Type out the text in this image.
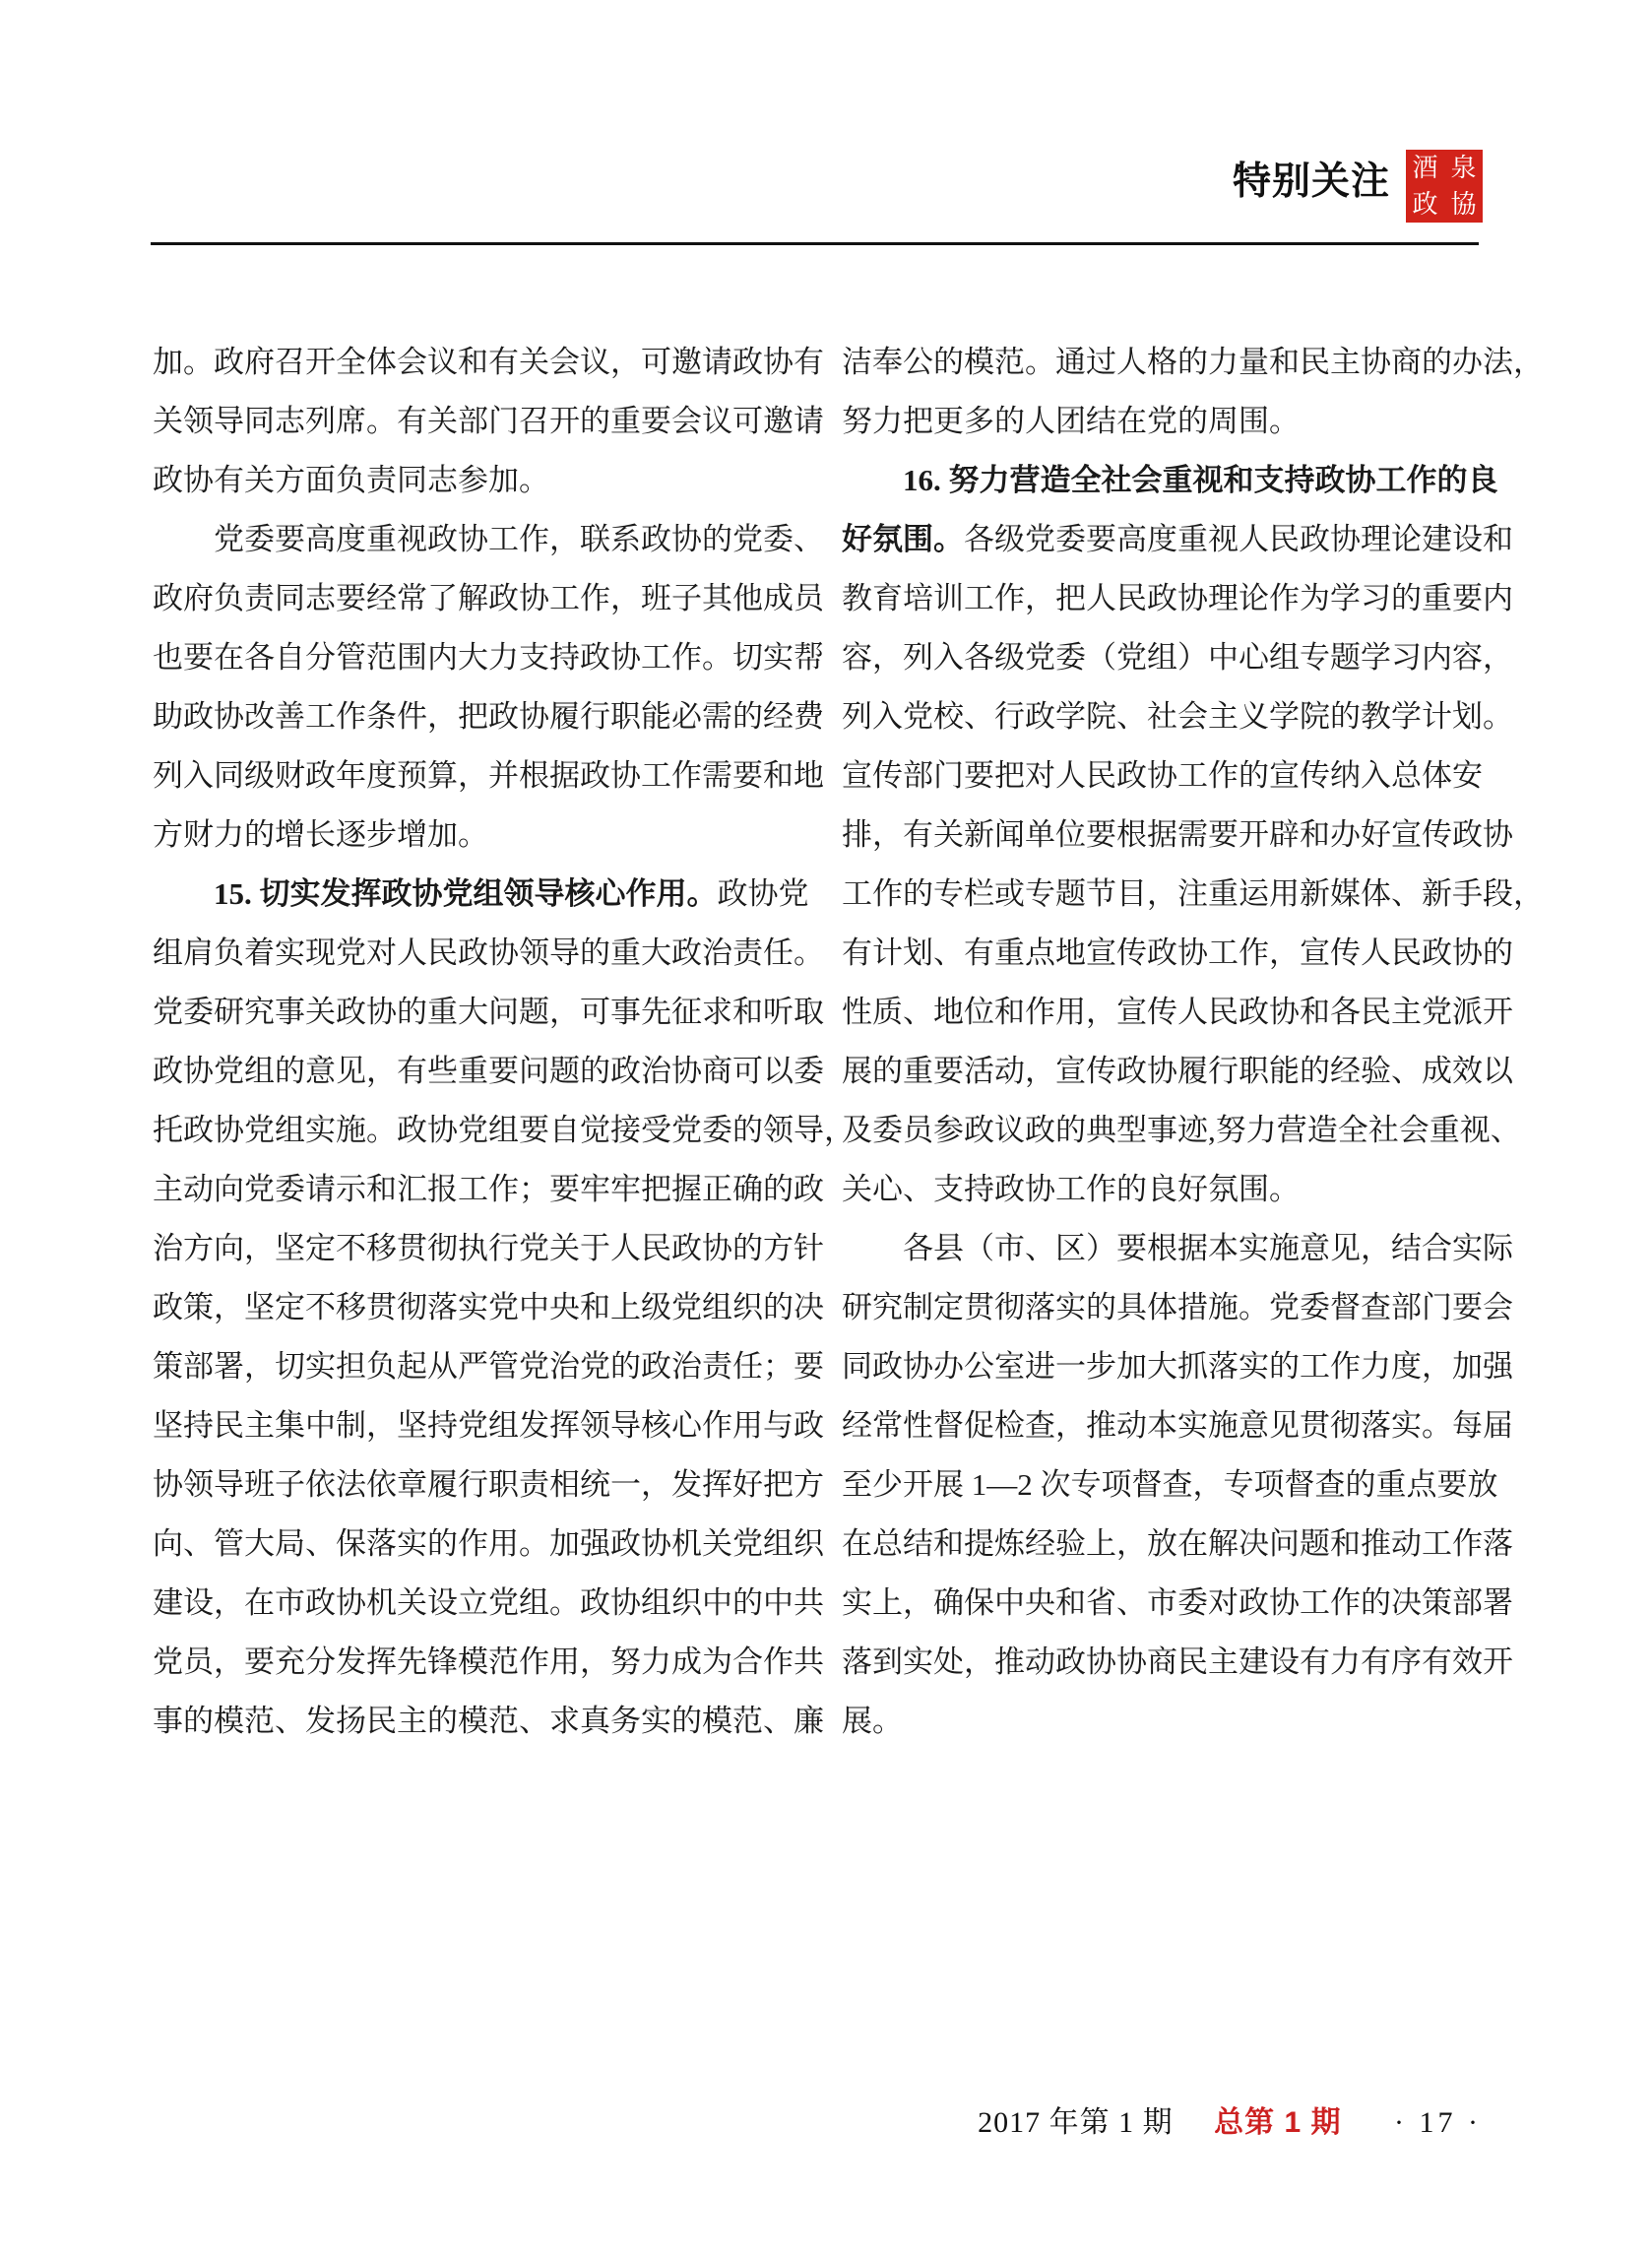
特别关注 酒 泉
政 協
加。政府召开全体会议和有关会议，可邀请政协有
关领导同志列席。有关部门召开的重要会议可邀请
政协有关方面负责同志参加。
党委要高度重视政协工作，联系政协的党委、
政府负责同志要经常了解政协工作，班子其他成员
也要在各自分管范围内大力支持政协工作。切实帮
助政协改善工作条件，把政协履行职能必需的经费
列入同级财政年度预算，并根据政协工作需要和地
方财力的增长逐步增加。
15. 切实发挥政协党组领导核心作用。政协党
组肩负着实现党对人民政协领导的重大政治责任。
党委研究事关政协的重大问题，可事先征求和听取
政协党组的意见，有些重要问题的政治协商可以委
托政协党组实施。政协党组要自觉接受党委的领导，
主动向党委请示和汇报工作；要牢牢把握正确的政
治方向，坚定不移贯彻执行党关于人民政协的方针
政策，坚定不移贯彻落实党中央和上级党组织的决
策部署，切实担负起从严管党治党的政治责任；要
坚持民主集中制，坚持党组发挥领导核心作用与政
协领导班子依法依章履行职责相统一，发挥好把方
向、管大局、保落实的作用。加强政协机关党组织
建设，在市政协机关设立党组。政协组织中的中共
党员，要充分发挥先锋模范作用，努力成为合作共
事的模范、发扬民主的模范、求真务实的模范、廉
洁奉公的模范。通过人格的力量和民主协商的办法，
努力把更多的人团结在党的周围。
16. 努力营造全社会重视和支持政协工作的良
好氛围。各级党委要高度重视人民政协理论建设和
教育培训工作，把人民政协理论作为学习的重要内
容，列入各级党委（党组）中心组专题学习内容，
列入党校、行政学院、社会主义学院的教学计划。
宣传部门要把对人民政协工作的宣传纳入总体安
排，有关新闻单位要根据需要开辟和办好宣传政协
工作的专栏或专题节目，注重运用新媒体、新手段，
有计划、有重点地宣传政协工作，宣传人民政协的
性质、地位和作用，宣传人民政协和各民主党派开
展的重要活动，宣传政协履行职能的经验、成效以
及委员参政议政的典型事迹,努力营造全社会重视、
关心、支持政协工作的良好氛围。
各县（市、区）要根据本实施意见，结合实际
研究制定贯彻落实的具体措施。党委督查部门要会
同政协办公室进一步加大抓落实的工作力度，加强
经常性督促检查，推动本实施意见贯彻落实。每届
至少开展 1—2 次专项督查，专项督查的重点要放
在总结和提炼经验上，放在解决问题和推动工作落
实上，确保中央和省、市委对政协工作的决策部署
落到实处，推动政协协商民主建设有力有序有效开
展。
2017 年第 1 期 总第 1 期 · 17 ·
